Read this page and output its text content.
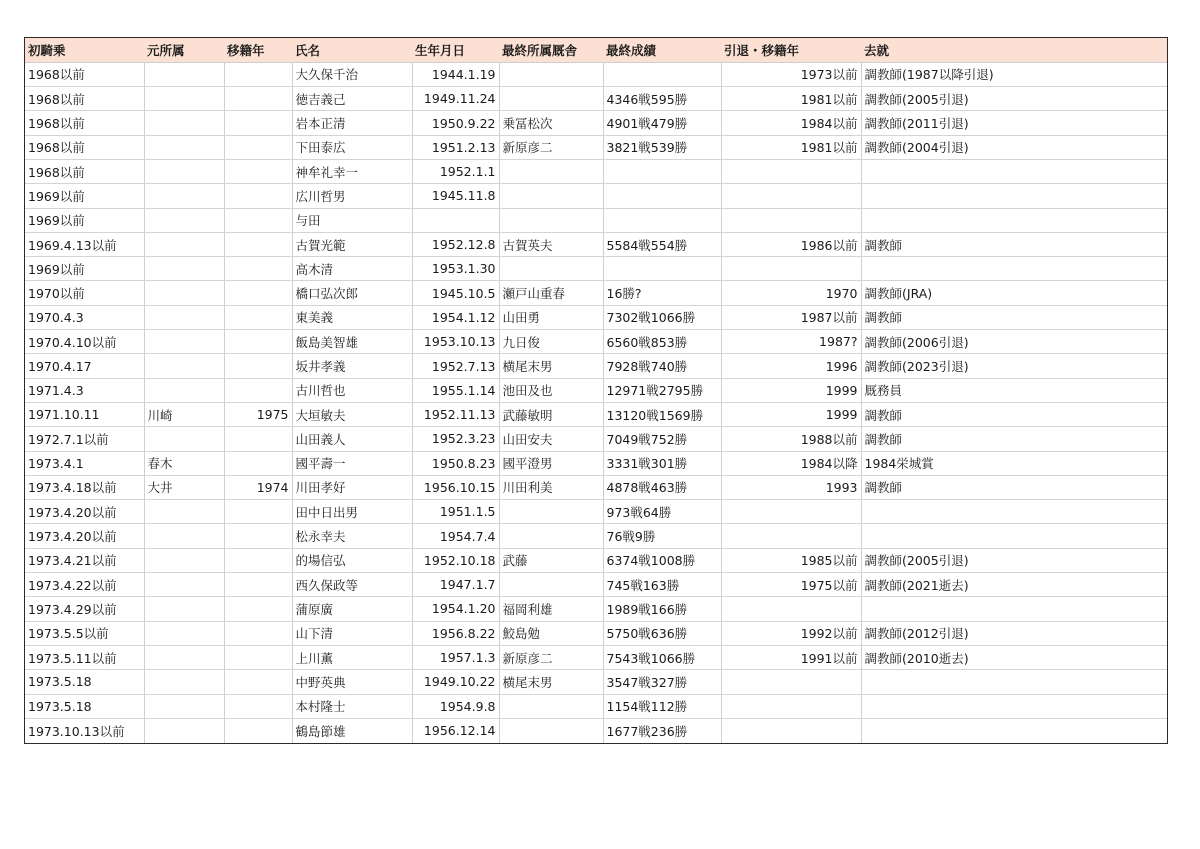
初騎乗	元所属	移籍年	氏名	生年月日	最終所属厩舎	最終成績	引退・移籍年	去就
1968以前			大久保千治	1944.1.19			1973以前	調教師(1987以降引退)
1968以前			徳吉義己	1949.11.24		4346戦595勝	1981以前	調教師(2005引退)
1968以前			岩本正清	1950.9.22	乗冨松次	4901戦479勝	1984以前	調教師(2011引退)
1968以前			下田泰広	1951.2.13	新原彦二	3821戦539勝	1981以前	調教師(2004引退)
1968以前			神牟礼幸一	1952.1.1				
1969以前			広川哲男	1945.11.8				
1969以前			与田					
1969.4.13以前			古賀光範	1952.12.8	古賀英夫	5584戦554勝	1986以前	調教師
1969以前			高木清	1953.1.30				
1970以前			橋口弘次郎	1945.10.5	瀬戸山重春	16勝?	1970	調教師(JRA)
1970.4.3			東美義	1954.1.12	山田勇	7302戦1066勝	1987以前	調教師
1970.4.10以前			飯島美智雄	1953.10.13	九日俊	6560戦853勝	1987?	調教師(2006引退)
1970.4.17			坂井孝義	1952.7.13	横尾末男	7928戦740勝	1996	調教師(2023引退)
1971.4.3			古川哲也	1955.1.14	池田及也	12971戦2795勝	1999	厩務員
1971.10.11	川崎	1975	大垣敏夫	1952.11.13	武藤敏明	13120戦1569勝	1999	調教師
1972.7.1以前			山田義人	1952.3.23	山田安夫	7049戦752勝	1988以前	調教師
1973.4.1	春木		國平壽一	1950.8.23	國平澄男	3331戦301勝	1984以降	1984栄城賞
1973.4.18以前	大井	1974	川田孝好	1956.10.15	川田利美	4878戦463勝	1993	調教師
1973.4.20以前			田中日出男	1951.1.5		973戦64勝		
1973.4.20以前			松永幸夫	1954.7.4		76戦9勝		
1973.4.21以前			的場信弘	1952.10.18	武藤	6374戦1008勝	1985以前	調教師(2005引退)
1973.4.22以前			西久保政等	1947.1.7		745戦163勝	1975以前	調教師(2021逝去)
1973.4.29以前			蒲原廣	1954.1.20	福岡利雄	1989戦166勝		
1973.5.5以前			山下清	1956.8.22	鮫島勉	5750戦636勝	1992以前	調教師(2012引退)
1973.5.11以前			上川薫	1957.1.3	新原彦二	7543戦1066勝	1991以前	調教師(2010逝去)
1973.5.18			中野英典	1949.10.22	横尾末男	3547戦327勝		
1973.5.18			本村隆士	1954.9.8		1154戦112勝		
1973.10.13以前			鶴島節雄	1956.12.14		1677戦236勝		
